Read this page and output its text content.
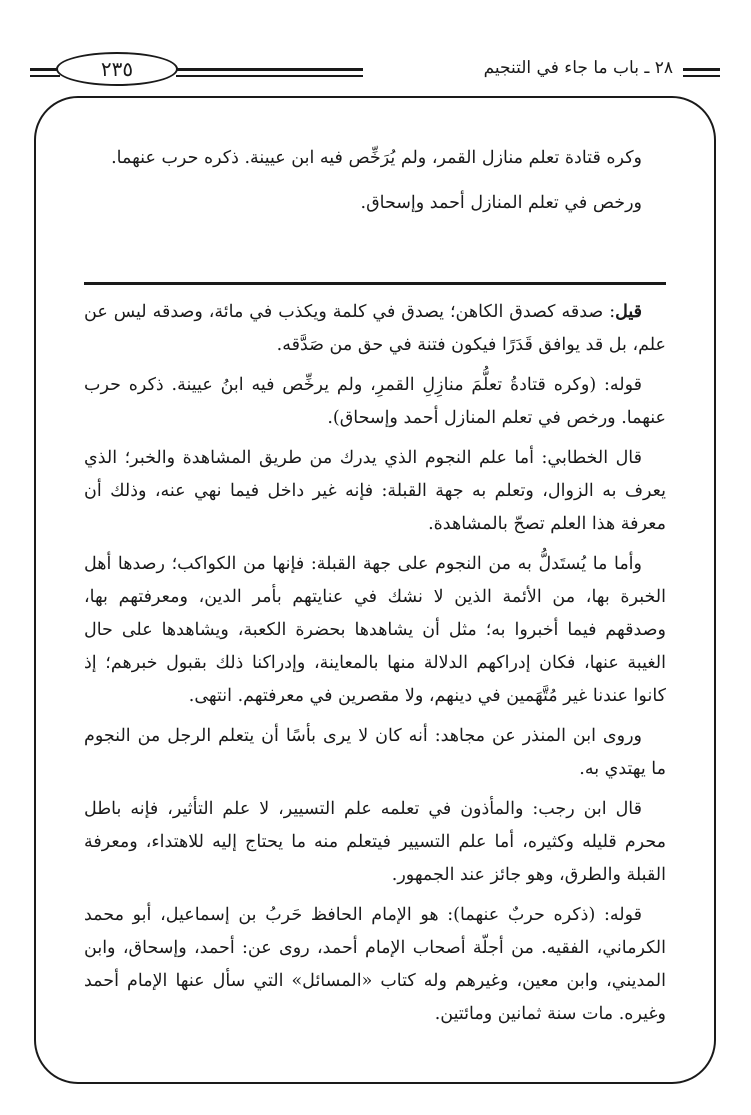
٢٣٥	٢٨ ـ باب ما جاء في التنجيم

وكره قتادة تعلم منازل القمر، ولم يُرَخِّص فيه ابن عيينة. ذكره حرب عنهما.

ورخص في تعلم المنازل أحمد وإسحاق.

قيل: صدقه كصدق الكاهن؛ يصدق في كلمة ويكذب في مائة، وصدقه ليس عن علم، بل قد يوافق قَدَرًا فيكون فتنة في حق من صَدَّقه.

قوله: (وكره قتادةُ تعلُّمَ منازِلِ القمرِ، ولم يرخِّص فيه ابنُ عيينة. ذكره حرب عنهما. ورخص في تعلم المنازل أحمد وإسحاق).

قال الخطابي: أما علم النجوم الذي يدرك من طريق المشاهدة والخبر؛ الذي يعرف به الزوال، وتعلم به جهة القبلة: فإنه غير داخل فيما نهي عنه، وذلك أن معرفة هذا العلم تصحّ بالمشاهدة.

وأما ما يُستَدلُّ به من النجوم على جهة القبلة: فإنها من الكواكب؛ رصدها أهل الخبرة بها، من الأئمة الذين لا نشك في عنايتهم بأمر الدين، ومعرفتهم بها، وصدقهم فيما أخبروا به؛ مثل أن يشاهدها بحضرة الكعبة، ويشاهدها على حال الغيبة عنها، فكان إدراكهم الدلالة منها بالمعاينة، وإدراكنا ذلك بقبول خبرهم؛ إذ كانوا عندنا غير مُتَّهَمين في دينهم، ولا مقصرين في معرفتهم. انتهى.

وروى ابن المنذر عن مجاهد: أنه كان لا يرى بأسًا أن يتعلم الرجل من النجوم ما يهتدي به.

قال ابن رجب: والمأذون في تعلمه علم التسيير، لا علم التأثير، فإنه باطل محرم قليله وكثيره، أما علم التسيير فيتعلم منه ما يحتاج إليه للاهتداء، ومعرفة القبلة والطرق، وهو جائز عند الجمهور.

قوله: (ذكره حربٌ عنهما): هو الإمام الحافظ حَربُ بن إسماعيل، أبو محمد الكرماني، الفقيه. من أجلّة أصحاب الإمام أحمد، روى عن: أحمد، وإسحاق، وابن المديني، وابن معين، وغيرهم وله كتاب «المسائل» التي سأل عنها الإمام أحمد وغيره. مات سنة ثمانين ومائتين.
